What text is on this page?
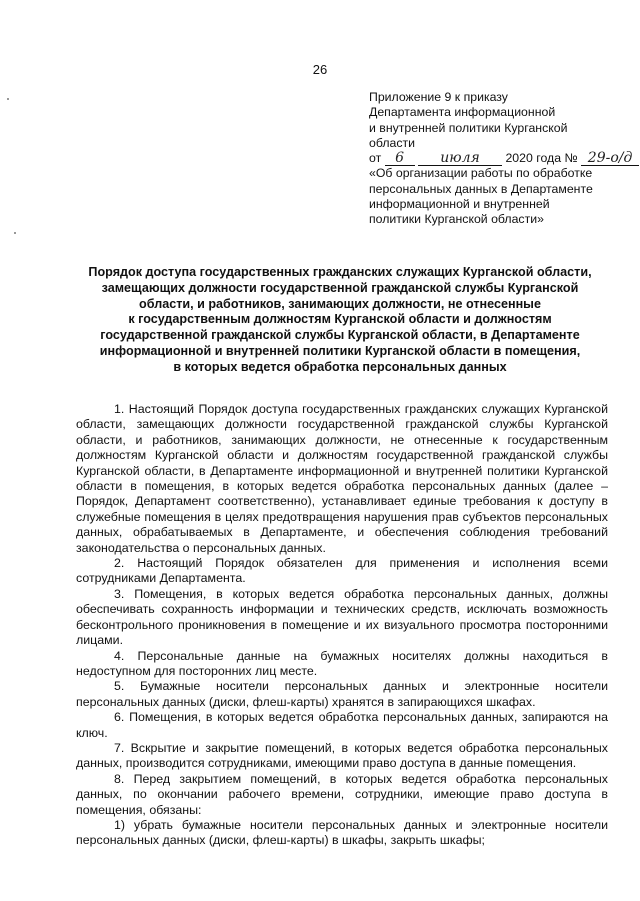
26
Приложение 9 к приказу
Департамента информационной
и внутренней политики Курганской
области
от 6	июля 2020 года № 29-о/д
«Об организации работы по обработке
персональных данных в Департаменте
информационной и внутренней
политики Курганской области»
Порядок доступа государственных гражданских служащих Курганской области,
замещающих должности государственной гражданской службы Курганской
области, и работников, занимающих должности, не отнесенные
к государственным должностям Курганской области и должностям
государственной гражданской службы Курганской области, в Департаменте
информационной и внутренней политики Курганской области в помещения,
в которых ведется обработка персональных данных

1. Настоящий Порядок доступа государственных гражданских служащих Курганской области, замещающих должности государственной гражданской службы Курганской области, и работников, занимающих должности, не отнесенные к государственным должностям Курганской области и должностям государственной гражданской службы Курганской области, в Департаменте информационной и внутренней политики Курганской области в помещения, в которых ведется обработка персональных данных (далее – Порядок, Департамент соответственно), устанавливает единые требования к доступу в служебные помещения в целях предотвращения нарушения прав субъектов персональных данных, обрабатываемых в Департаменте, и обеспечения соблюдения требований законодательства о персональных данных.

2. Настоящий Порядок обязателен для применения и исполнения всеми сотрудниками Департамента.

3. Помещения, в которых ведется обработка персональных данных, должны обеспечивать сохранность информации и технических средств, исключать возможность бесконтрольного проникновения в помещение и их визуального просмотра посторонними лицами.

4. Персональные данные на бумажных носителях должны находиться в недоступном для посторонних лиц месте.

5. Бумажные носители персональных данных и электронные носители персональных данных (диски, флеш-карты) хранятся в запирающихся шкафах.

6. Помещения, в которых ведется обработка персональных данных, запираются на ключ.

7. Вскрытие и закрытие помещений, в которых ведется обработка персональных данных, производится сотрудниками, имеющими право доступа в данные помещения.

8. Перед закрытием помещений, в которых ведется обработка персональных данных, по окончании рабочего времени, сотрудники, имеющие право доступа в помещения, обязаны:

1) убрать бумажные носители персональных данных и электронные носители персональных данных (диски, флеш-карты) в шкафы, закрыть шкафы;
